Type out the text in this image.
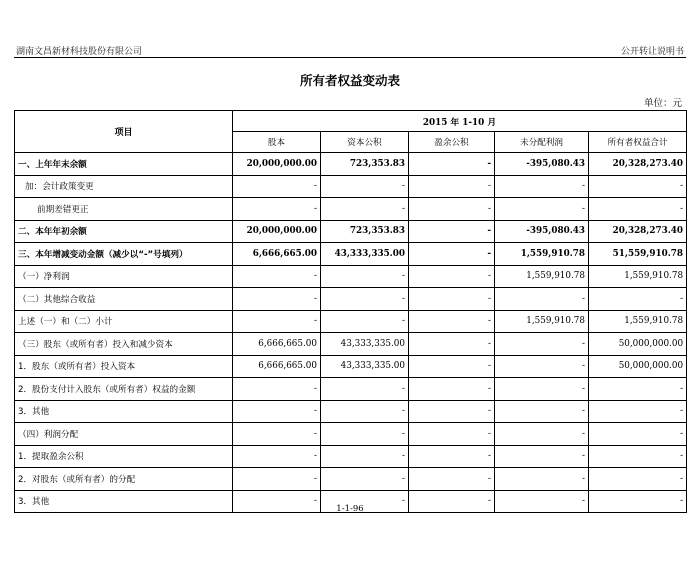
湖南文昌新材科技股份有限公司	公开转让说明书
所有者权益变动表
单位：元
项目	2015 年 1-10 月				
	股本	资本公积	盈余公积	未分配利润	所有者权益合计
一、上年年末余额	20,000,000.00	723,353.83	-	-395,080.43	20,328,273.40
加：会计政策变更	-	-	-	-	-
前期差错更正	-	-	-	-	-
二、本年年初余额	20,000,000.00	723,353.83	-	-395,080.43	20,328,273.40
三、本年增减变动金额（减少以“-”号填列）	6,666,665.00	43,333,335.00	-	1,559,910.78	51,559,910.78
（一）净利润	-	-	-	1,559,910.78	1,559,910.78
（二）其他综合收益	-	-	-	-	-
上述（一）和（二）小计	-	-	-	1,559,910.78	1,559,910.78
（三）股东（或所有者）投入和减少资本	6,666,665.00	43,333,335.00	-	-	50,000,000.00
1．股东（或所有者）投入资本	6,666,665.00	43,333,335.00	-	-	50,000,000.00
2．股份支付计入股东（或所有者）权益的金额	-	-	-	-	-
3．其他	-	-	-	-	-
（四）利润分配	-	-	-	-	-
1．提取盈余公积	-	-	-	-	-
2．对股东（或所有者）的分配	-	-	-	-	-
3．其他	-	-	-	-	-
1-1-96
